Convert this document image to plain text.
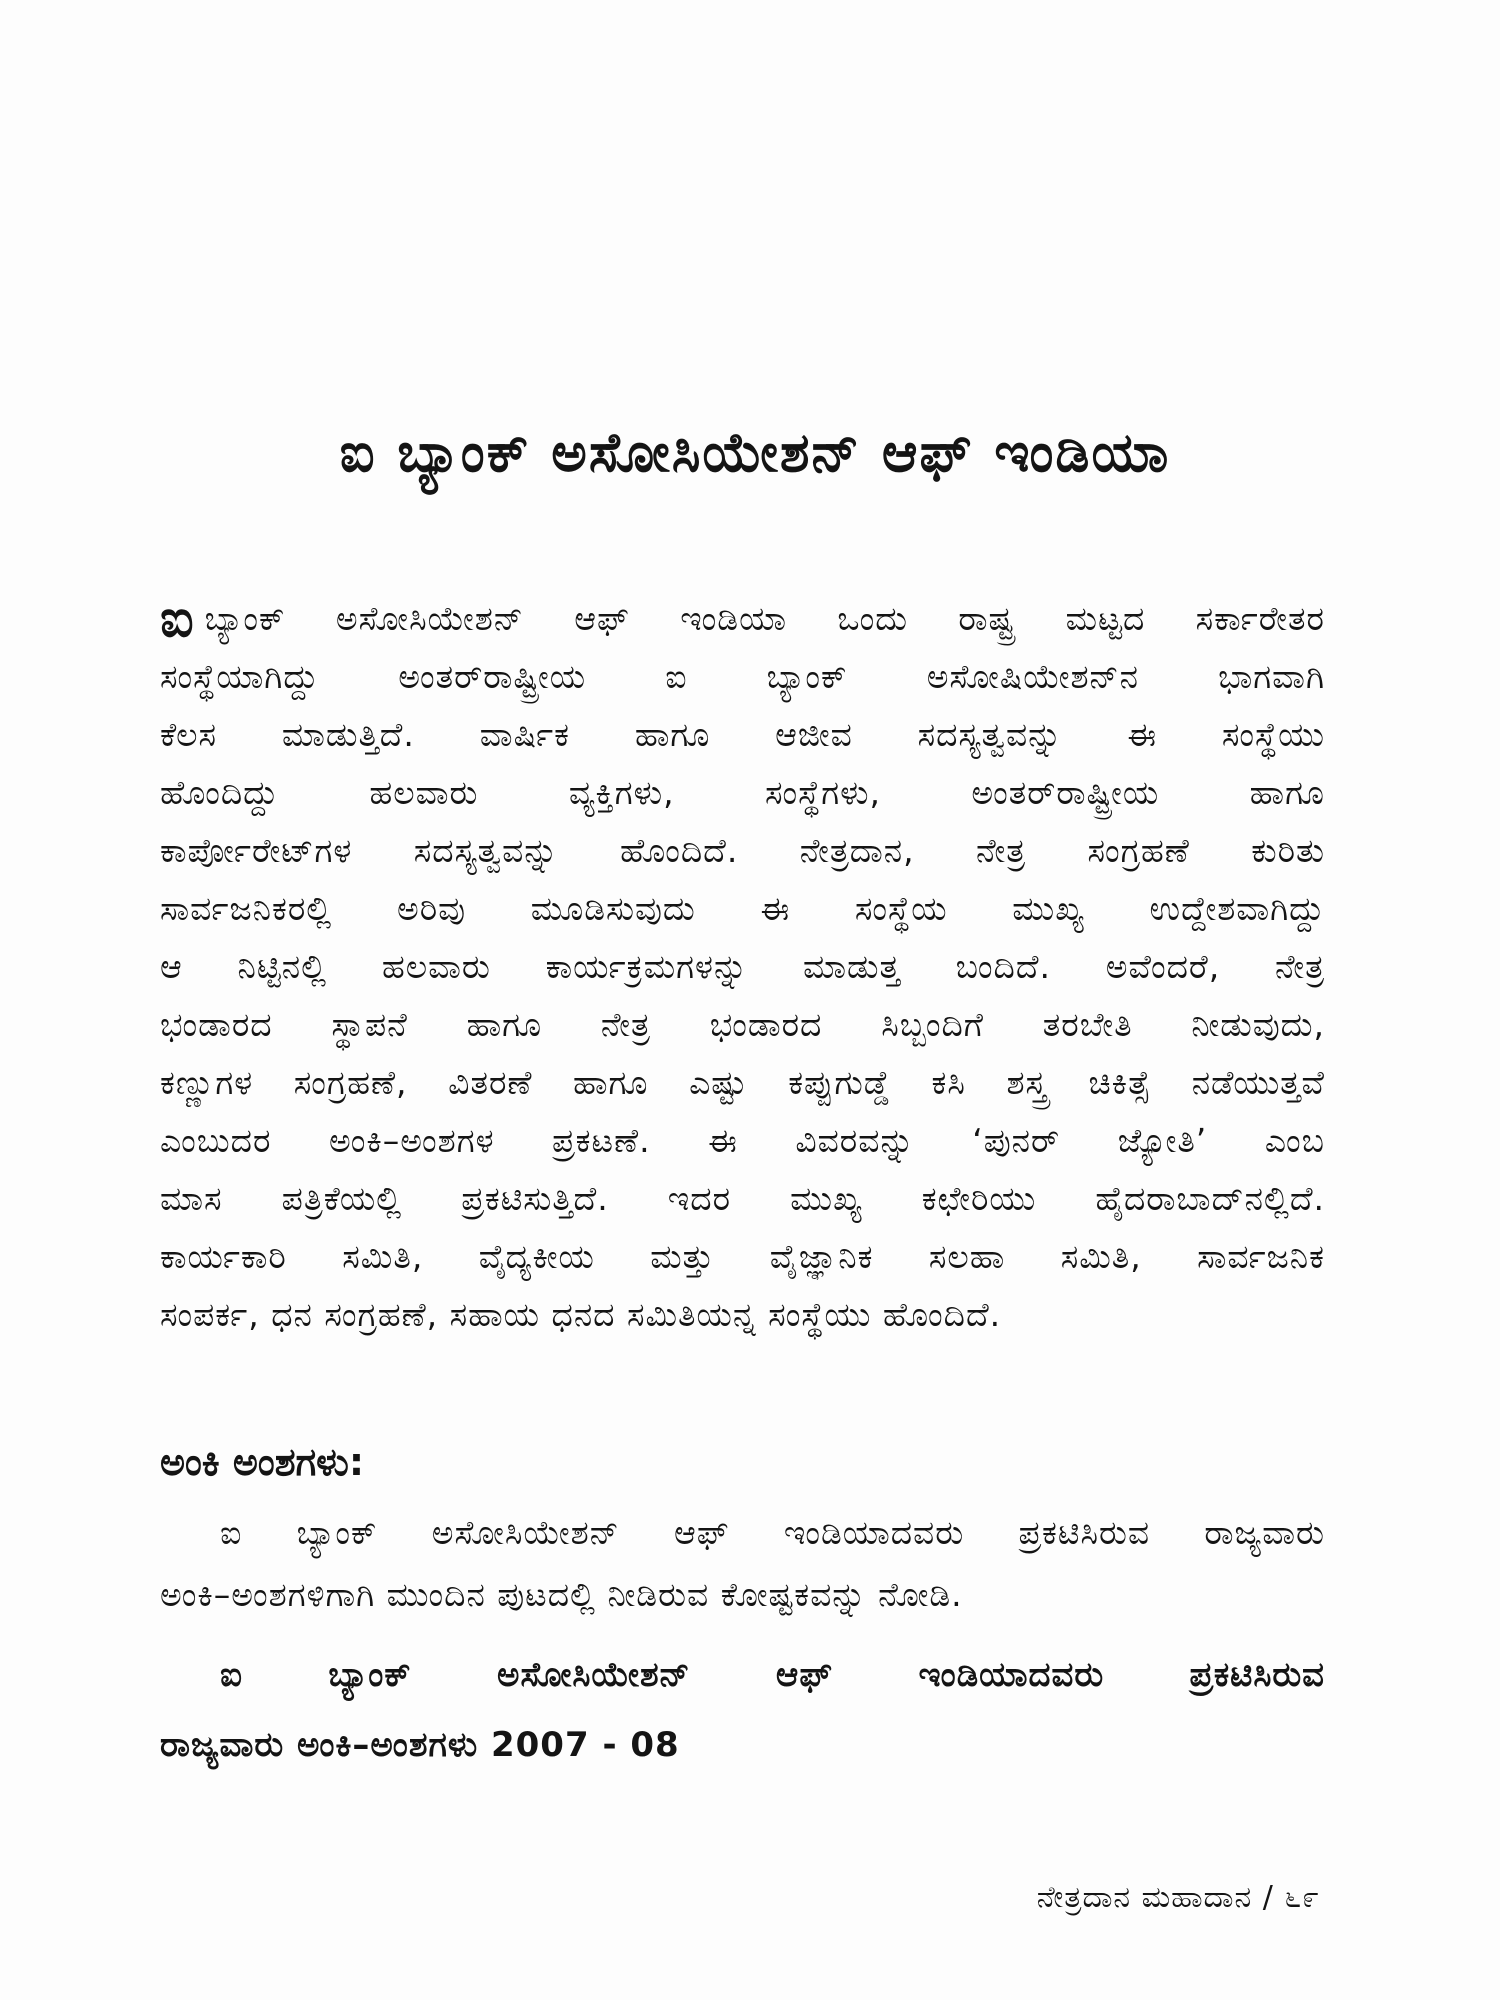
ಐ ಬ್ಯಾಂಕ್ ಅಸೋಸಿಯೇಶನ್ ಆಫ್ ಇಂಡಿಯಾ
ಐಬ್ಯಾಂಕ್ ಅಸೋಸಿಯೇಶನ್ ಆಫ್ ಇಂಡಿಯಾ ಒಂದು ರಾಷ್ಟ್ರ ಮಟ್ಟದ ಸರ್ಕಾರೇತರ
ಸಂಸ್ಥೆಯಾಗಿದ್ದು ಅಂತರ್‌ರಾಷ್ಟ್ರೀಯ ಐ ಬ್ಯಾಂಕ್ ಅಸೋಷಿಯೇಶನ್‌ನ ಭಾಗವಾಗಿ
ಕೆಲಸ ಮಾಡುತ್ತಿದೆ. ವಾರ್ಷಿಕ ಹಾಗೂ ಆಜೀವ ಸದಸ್ಯತ್ವವನ್ನು ಈ ಸಂಸ್ಥೆಯು
ಹೊಂದಿದ್ದು ಹಲವಾರು ವ್ಯಕ್ತಿಗಳು, ಸಂಸ್ಥೆಗಳು, ಅಂತರ್‌ರಾಷ್ಟ್ರೀಯ ಹಾಗೂ
ಕಾರ್ಪೋರೇಟ್‌ಗಳ ಸದಸ್ಯತ್ವವನ್ನು ಹೊಂದಿದೆ. ನೇತ್ರದಾನ, ನೇತ್ರ ಸಂಗ್ರಹಣೆ ಕುರಿತು
ಸಾರ್ವಜನಿಕರಲ್ಲಿ ಅರಿವು ಮೂಡಿಸುವುದು ಈ ಸಂಸ್ಥೆಯ ಮುಖ್ಯ ಉದ್ದೇಶವಾಗಿದ್ದು
ಆ ನಿಟ್ಟಿನಲ್ಲಿ ಹಲವಾರು ಕಾರ್ಯಕ್ರಮಗಳನ್ನು ಮಾಡುತ್ತ ಬಂದಿದೆ. ಅವೆಂದರೆ, ನೇತ್ರ
ಭಂಡಾರದ ಸ್ಥಾಪನೆ ಹಾಗೂ ನೇತ್ರ ಭಂಡಾರದ ಸಿಬ್ಬಂದಿಗೆ ತರಬೇತಿ ನೀಡುವುದು,
ಕಣ್ಣುಗಳ ಸಂಗ್ರಹಣೆ, ವಿತರಣೆ ಹಾಗೂ ಎಷ್ಟು ಕಪ್ಪುಗುಡ್ಡೆ ಕಸಿ ಶಸ್ತ್ರ ಚಿಕಿತ್ಸೆ ನಡೆಯುತ್ತವೆ
ಎಂಬುದರ ಅಂಕಿ–ಅಂಶಗಳ ಪ್ರಕಟಣೆ. ಈ ವಿವರವನ್ನು ‘ಪುನರ್ ಜ್ಯೋತಿ’ ಎಂಬ
ಮಾಸ ಪತ್ರಿಕೆಯಲ್ಲಿ ಪ್ರಕಟಿಸುತ್ತಿದೆ. ಇದರ ಮುಖ್ಯ ಕಛೇರಿಯು ಹೈದರಾಬಾದ್‌ನಲ್ಲಿದೆ.
ಕಾರ್ಯಕಾರಿ ಸಮಿತಿ, ವೈದ್ಯಕೀಯ ಮತ್ತು ವೈಜ್ಞಾನಿಕ ಸಲಹಾ ಸಮಿತಿ, ಸಾರ್ವಜನಿಕ
ಸಂಪರ್ಕ, ಧನ ಸಂಗ್ರಹಣೆ, ಸಹಾಯ ಧನದ ಸಮಿತಿಯನ್ನ ಸಂಸ್ಥೆಯು ಹೊಂದಿದೆ.
ಅಂಕಿ ಅಂಶಗಳು:
ಐ ಬ್ಯಾಂಕ್ ಅಸೋಸಿಯೇಶನ್ ಆಫ್ ಇಂಡಿಯಾದವರು ಪ್ರಕಟಿಸಿರುವ ರಾಜ್ಯವಾರು
ಅಂಕಿ–ಅಂಶಗಳಿಗಾಗಿ ಮುಂದಿನ ಪುಟದಲ್ಲಿ ನೀಡಿರುವ ಕೋಷ್ಟಕವನ್ನು ನೋಡಿ.
ಐ ಬ್ಯಾಂಕ್ ಅಸೋಸಿಯೇಶನ್ ಆಫ್ ಇಂಡಿಯಾದವರು ಪ್ರಕಟಿಸಿರುವ
ರಾಜ್ಯವಾರು ಅಂಕಿ–ಅಂಶಗಳು 2007 - 08
ನೇತ್ರದಾನ ಮಹಾದಾನ / ೬೯
